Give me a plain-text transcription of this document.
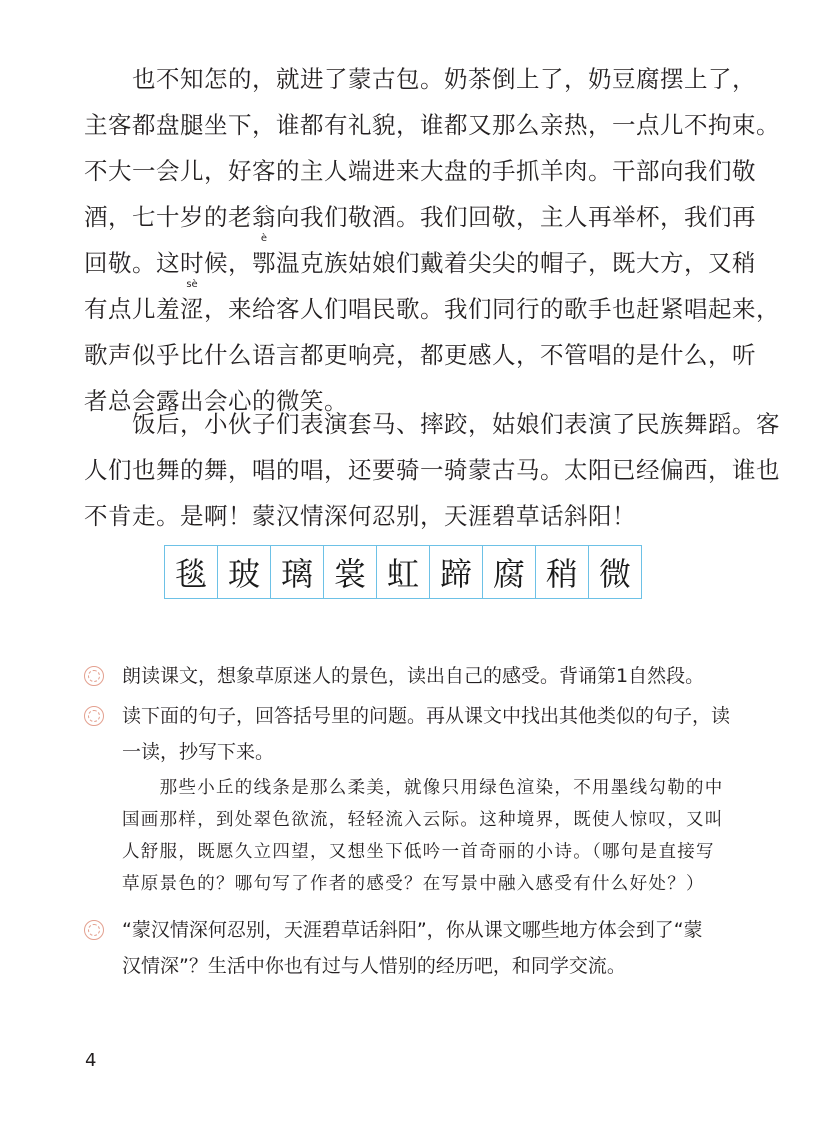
　　也不知怎的，就进了蒙古包。奶茶倒上了，奶豆腐摆上了，
主客都盘腿坐下，谁都有礼貌，谁都又那么亲热，一点儿不拘束。
不大一会儿，好客的主人端进来大盘的手抓羊肉。干部向我们敬
酒，七十岁的老翁向我们敬酒。我们回敬，主人再举杯，我们再
回敬。这时候，
è
鄂温克族姑娘们戴着尖尖的帽子，既大方，又稍
有点儿羞
sè
涩，来给客人们唱民歌。我们同行的歌手也赶紧唱起来，
歌声似乎比什么语言都更响亮，都更感人，不管唱的是什么，听
者总会露出会心的微笑。
　　饭后，小伙子们表演套马、摔跤，姑娘们表演了民族舞蹈。客
人们也舞的舞，唱的唱，还要骑一骑蒙古马。太阳已经偏西，谁也
不肯走。是啊！蒙汉情深何忍别，天涯碧草话斜阳！
毯 玻 璃 裳 虹 蹄 腐 稍 微
朗读课文，想象草原迷人的景色，读出自己的感受。背诵第1自然段。
读下面的句子，回答括号里的问题。再从课文中找出其他类似的句子，读
一读，抄写下来。
　　那些小丘的线条是那么柔美，就像只用绿色渲染，不用墨线勾勒的中
国画那样，到处翠色欲流，轻轻流入云际。这种境界，既使人惊叹，又叫
人舒服，既愿久立四望，又想坐下低吟一首奇丽的小诗。（哪句是直接写
草原景色的？哪句写了作者的感受？在写景中融入感受有什么好处？）
“蒙汉情深何忍别，天涯碧草话斜阳”，你从课文哪些地方体会到了“蒙
汉情深”？生活中你也有过与人惜别的经历吧，和同学交流。
4
